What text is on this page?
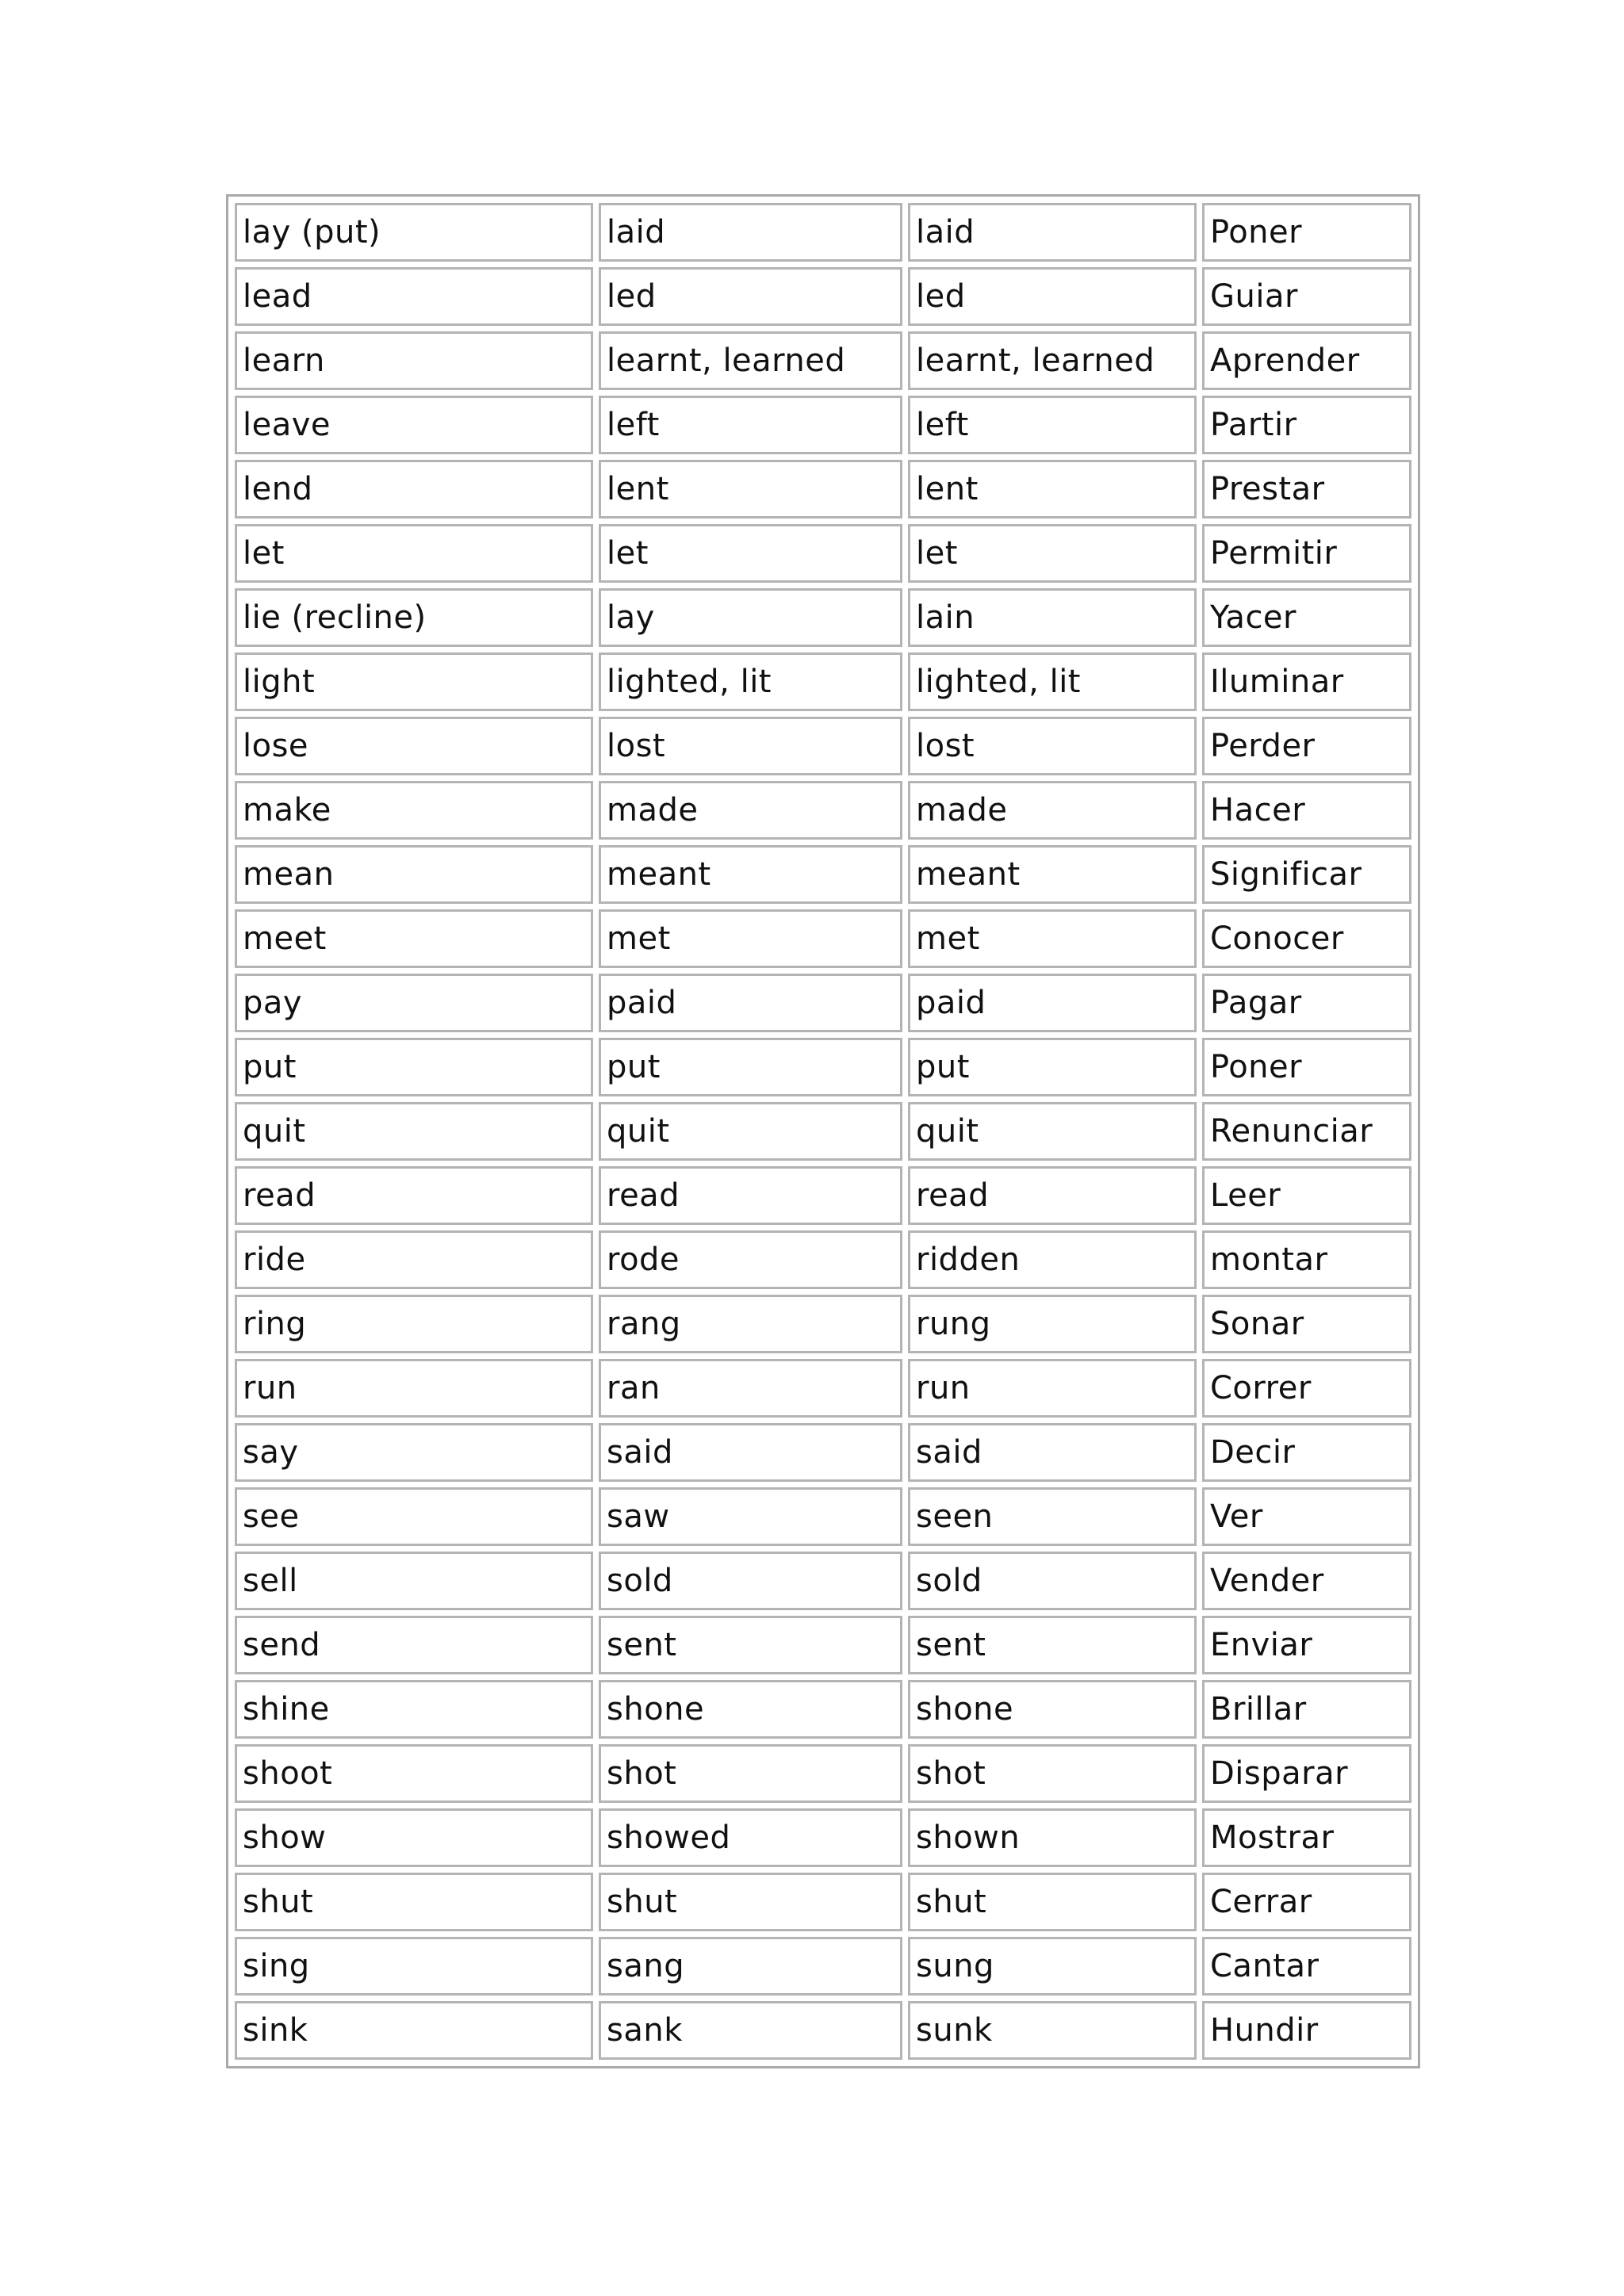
lay (put)	laid	laid	Poner
lead	led	led	Guiar
learn	learnt, learned	learnt, learned	Aprender
leave	left	left	Partir
lend	lent	lent	Prestar
let	let	let	Permitir
lie (recline)	lay	lain	Yacer
light	lighted, lit	lighted, lit	Iluminar
lose	lost	lost	Perder
make	made	made	Hacer
mean	meant	meant	Significar
meet	met	met	Conocer
pay	paid	paid	Pagar
put	put	put	Poner
quit	quit	quit	Renunciar
read	read	read	Leer
ride	rode	ridden	montar
ring	rang	rung	Sonar
run	ran	run	Correr
say	said	said	Decir
see	saw	seen	Ver
sell	sold	sold	Vender
send	sent	sent	Enviar
shine	shone	shone	Brillar
shoot	shot	shot	Disparar
show	showed	shown	Mostrar
shut	shut	shut	Cerrar
sing	sang	sung	Cantar
sink	sank	sunk	Hundir
